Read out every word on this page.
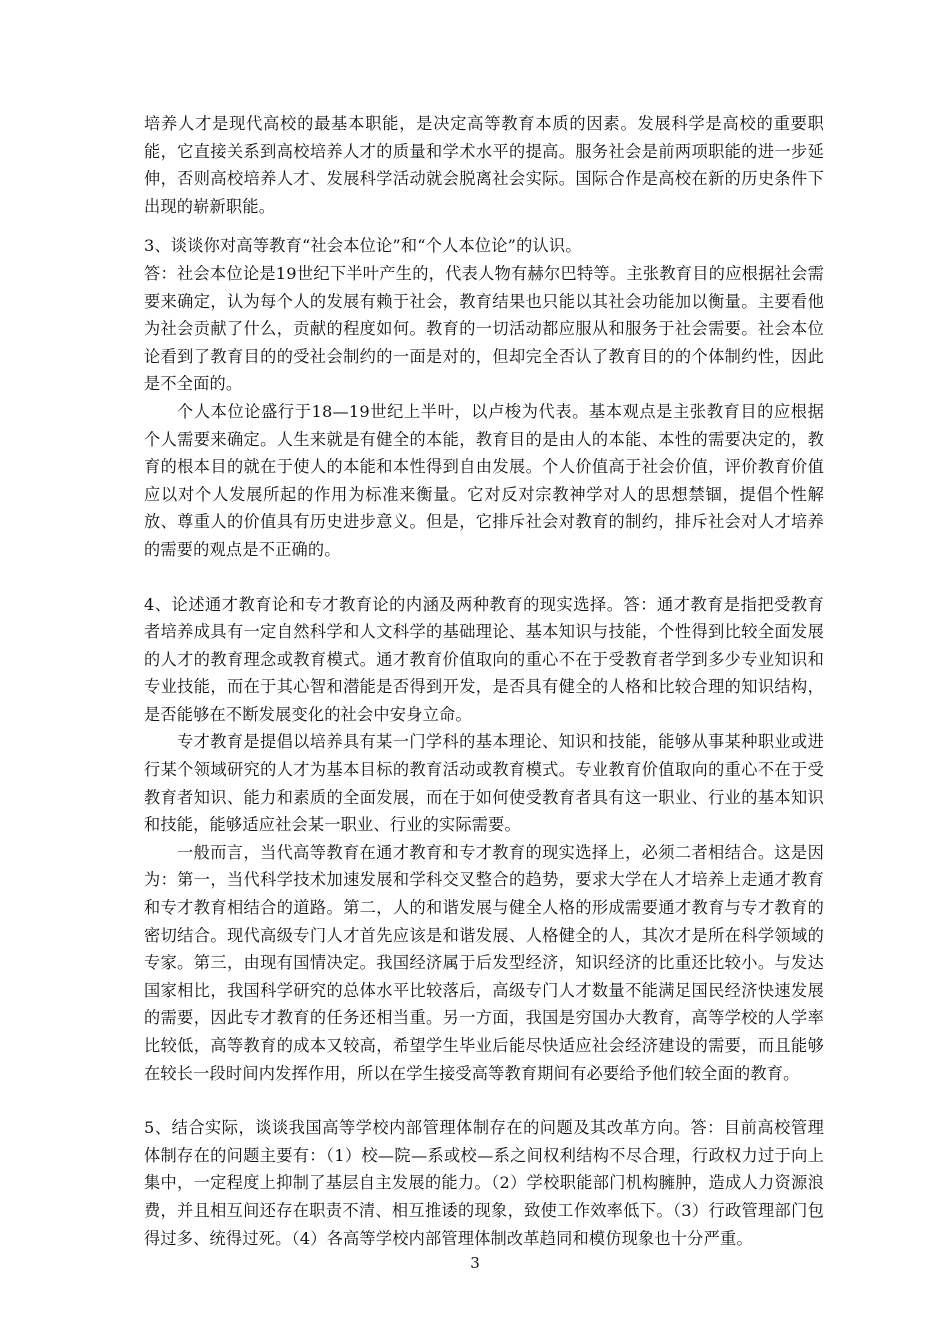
培养人才是现代高校的最基本职能，是决定高等教育本质的因素。发展科学是高校的重要职能，它直接关系到高校培养人才的质量和学术水平的提高。服务社会是前两项职能的进一步延伸，否则高校培养人才、发展科学活动就会脱离社会实际。国际合作是高校在新的历史条件下出现的崭新职能。

3、谈谈你对高等教育“社会本位论”和“个人本位论”的认识。

答：社会本位论是19世纪下半叶产生的，代表人物有赫尔巴特等。主张教育目的应根据社会需要来确定，认为每个人的发展有赖于社会，教育结果也只能以其社会功能加以衡量。主要看他为社会贡献了什么，贡献的程度如何。教育的一切活动都应服从和服务于社会需要。社会本位论看到了教育目的的受社会制约的一面是对的，但却完全否认了教育目的的个体制约性，因此是不全面的。

个人本位论盛行于18—19世纪上半叶，以卢梭为代表。基本观点是主张教育目的应根据个人需要来确定。人生来就是有健全的本能，教育目的是由人的本能、本性的需要决定的，教育的根本目的就在于使人的本能和本性得到自由发展。个人价值高于社会价值，评价教育价值应以对个人发展所起的作用为标准来衡量。它对反对宗教神学对人的思想禁锢，提倡个性解放、尊重人的价值具有历史进步意义。但是，它排斥社会对教育的制约，排斥社会对人才培养的需要的观点是不正确的。

4、论述通才教育论和专才教育论的内涵及两种教育的现实选择。答：通才教育是指把受教育者培养成具有一定自然科学和人文科学的基础理论、基本知识与技能，个性得到比较全面发展的人才的教育理念或教育模式。通才教育价值取向的重心不在于受教育者学到多少专业知识和专业技能，而在于其心智和潜能是否得到开发，是否具有健全的人格和比较合理的知识结构，是否能够在不断发展变化的社会中安身立命。

专才教育是提倡以培养具有某一门学科的基本理论、知识和技能，能够从事某种职业或进行某个领域研究的人才为基本目标的教育活动或教育模式。专业教育价值取向的重心不在于受教育者知识、能力和素质的全面发展，而在于如何使受教育者具有这一职业、行业的基本知识和技能，能够适应社会某一职业、行业的实际需要。

一般而言，当代高等教育在通才教育和专才教育的现实选择上，必须二者相结合。这是因为：第一，当代科学技术加速发展和学科交叉整合的趋势，要求大学在人才培养上走通才教育和专才教育相结合的道路。第二，人的和谐发展与健全人格的形成需要通才教育与专才教育的密切结合。现代高级专门人才首先应该是和谐发展、人格健全的人，其次才是所在科学领域的专家。第三，由现有国情决定。我国经济属于后发型经济，知识经济的比重还比较小。与发达国家相比，我国科学研究的总体水平比较落后，高级专门人才数量不能满足国民经济快速发展的需要，因此专才教育的任务还相当重。另一方面，我国是穷国办大教育，高等学校的人学率比较低，高等教育的成本又较高，希望学生毕业后能尽快适应社会经济建设的需要，而且能够在较长一段时间内发挥作用，所以在学生接受高等教育期间有必要给予他们较全面的教育。

5、结合实际，谈谈我国高等学校内部管理体制存在的问题及其改革方向。答：目前高校管理体制存在的问题主要有：（1）校—院—系或校—系之间权利结构不尽合理，行政权力过于向上集中，一定程度上抑制了基层自主发展的能力。（2）学校职能部门机构臃肿，造成人力资源浪费，并且相互间还存在职责不清、相互推诿的现象，致使工作效率低下。（3）行政管理部门包得过多、统得过死。（4）各高等学校内部管理体制改革趋同和模仿现象也十分严重。

3
